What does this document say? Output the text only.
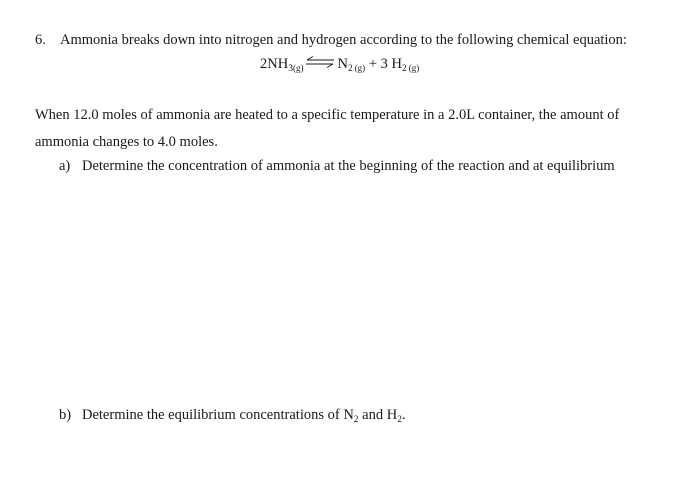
6. Ammonia breaks down into nitrogen and hydrogen according to the following chemical equation:
$2NH_{3(g)}\rightleftharpoons N_2$ $_{(g)}$ + 3 $H_2$ $_{(g)}$
When 12.0 moles of ammonia are heated to a specific temperature in a 2.0L container, the amount of
ammonia changes to 4.0 moles.
a) Determine the concentration of ammonia at the beginning of the reaction and at equilibrium
b) Determine the equilibrium concentrations of $N_2$ and $H_2$.
